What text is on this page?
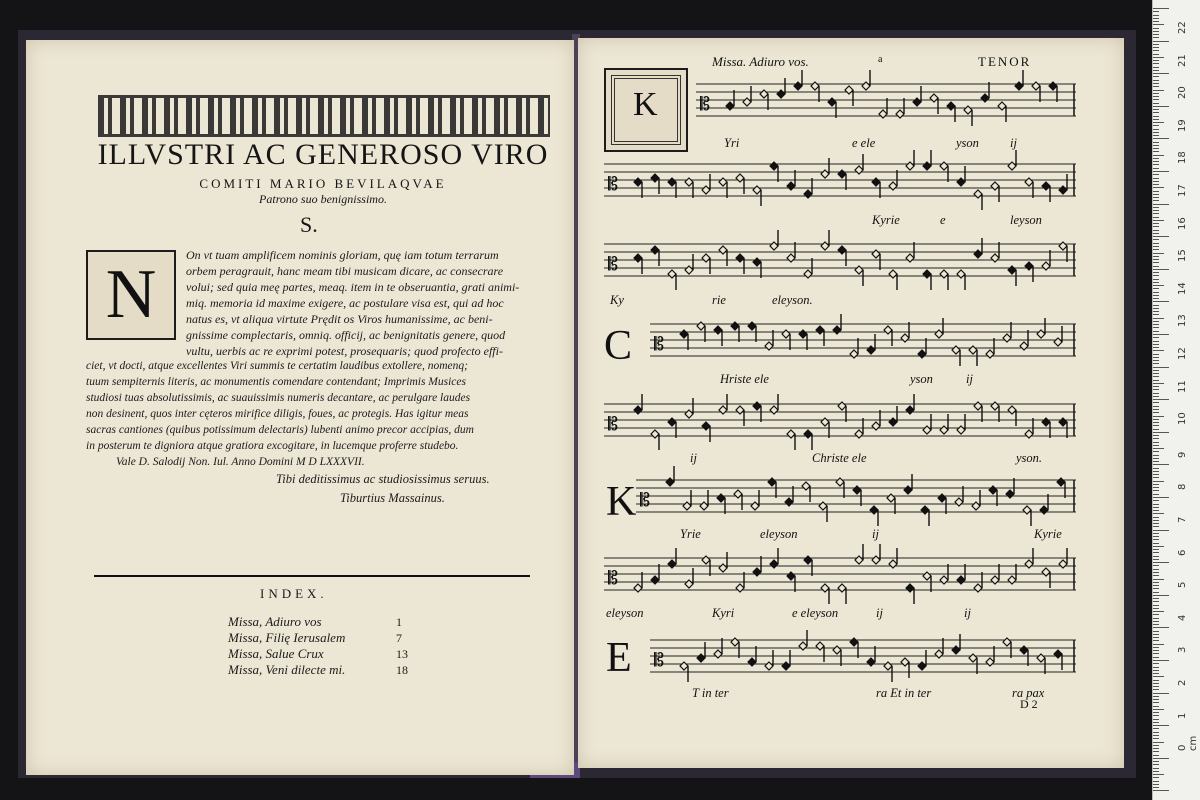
ILLVSTRI AC GENEROSO VIRO
COMITI MARIO BEVILAQVAE
Patrono suo benignissimo.
S.
N
On vt tuam amplificem nominis gloriam, quę iam totum terrarum
orbem peragrauit, hanc meam tibi musicam dicare, ac consecrare
volui; sed quia meę partes, meaq. item in te obseruantia, grati animi-
miq. memoria id maxime exigere, ac postulare visa est, qui ad hoc
natus es, vt aliqua virtute Prędit os Viros humanissime, ac beni-
gnissime complectaris, omniq. officij, ac benignitatis genere, quod
vultu, uerbis ac re exprimi potest, prosequaris; quod profecto effi-
ciet, vt docti, atque excellentes Viri summis te certatim laudibus extollere, nomenq;
tuum sempiternis literis, ac monumentis comendare contendant; Imprimis Musices
studiosi tuas absolutissimis, ac suauissimis numeris decantare, ac perulgare laudes
non desinent, quos inter cęteros mirifice diligis, foues, ac protegis. Has igitur meas
sacras cantiones (quibus potissimum delectaris) lubenti animo precor accipias, dum
in posterum te digniora atque gratiora excogitare, in lucemque proferre studebo.
Vale D. Salodij Non. Iul. Anno Domini M D LXXXVII.
Tibi deditissimus ac studiosissimus seruus.
Tiburtius Massainus.
INDEX.
Missa, Adiuro vos	1
Missa, Filię Ierusalem	7
Missa, Salue Crux	13
Missa, Veni dilecte mi.	18
Missa. Adiuro vos.	a	TENOR
K
C
K
E
𝄡
𝄡
𝄡
𝄡
𝄡
𝄡
𝄡
𝄡
Yri	e ele	yson ij
Kyrie	e	leyson
Ky	rie	eleyson.
Hriste ele	yson	ij
ij	Christe ele	yson.
Yrie	eleyson	ij	Kyrie
eleyson	Kyri	e eleyson	ij	ij
T in ter	ra Et in ter	ra pax
D 2
22
21
20
19
18
17
16
15
14
13
12
11
10
9
8
7
6
5
4
3
2
1
0 cm
